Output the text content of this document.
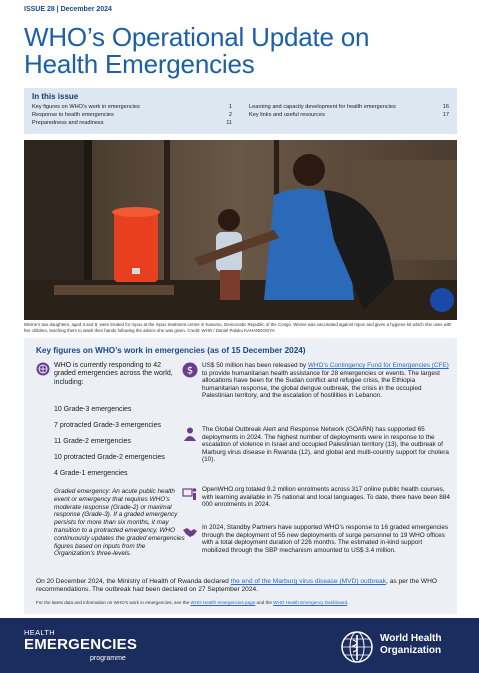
ISSUE 28 | December 2024
WHO’s Operational Update on
Health Emergencies
In this issue
Key figures on WHO’s work in emergencies	1
Response to health emergencies	2
Preparedness and readiness	11
Learning and capacity development for health emergencies	16
Key links and useful resources	17
Wivine’s two daughters, aged 3 and 9, were treated for mpox at the mpox treatment centre in Kavumu, Democratic Republic of the Congo. Wivine was vaccinated against mpox and given a hygiene kit which she uses with her children, teaching them to wash their hands following the advice she was given. Credit: WHO / Daniel Paluku KAHANDOGYA
Key figures on WHO’s work in emergencies (as of 15 December 2024)
WHO is currently responding to 42 graded emergencies across the world, including:
10 Grade-3 emergencies
7 protracted Grade-3 emergencies
11 Grade-2 emergencies
10 protracted Grade-2 emergencies
4 Grade-1 emergencies
Graded emergency: An acute public health event or emergency that requires WHO’s moderate response (Grade-2) or maximal response (Grade-3). If a graded emergency persists for more than six months, it may transition to a protracted emergency. WHO continuously updates the graded emergencies figures based on inputs from the Organization’s three-levels.
$ US$ 50 million has been released by WHO’s Contingency Fund for Emergencies (CFE) to provide humanitarian health assistance for 28 emergencies or events. The largest allocations have been for the Sudan conflict and refugee crisis, the Ethiopia humanitarian response, the global dengue outbreak, the crisis in the occupied Palestinian territory, and the escalation of hostilities in Lebanon.
The Global Outbreak Alert and Response Network (GOARN) has supported 65 deployments in 2024. The highest number of deployments were in response to the escalation of violence in Israel and occupied Palestinian territory (13), the outbreak of Marburg virus disease in Rwanda (12), and global and multi-country support for cholera (10).
OpenWHO.org totaled 9.2 million enrolments across 317 online public health courses, with learning available in 75 national and local languages. To date, there have been 884 000 enrolments in 2024.
In 2024, Standby Partners have supported WHO’s response to 16 graded emergencies through the deployment of 55 new deployments of surge personnel to 19 WHO offices with a total deployment duration of 226 months. The estimated in-kind support mobilized through the SBP mechanism amounted to US$ 3.4 million.
On 20 December 2024, the Ministry of Health of Rwanda declared the end of the Marburg virus disease (MVD) outbreak, as per the WHO recommendations. The outbreak had been declared on 27 September 2024.
For the latest data and information on WHO’s work in emergencies, see the WHO Health emergencies page and the WHO Health Emergency Dashboard.
HEALTH
EMERGENCIES
programme
World Health
Organization
